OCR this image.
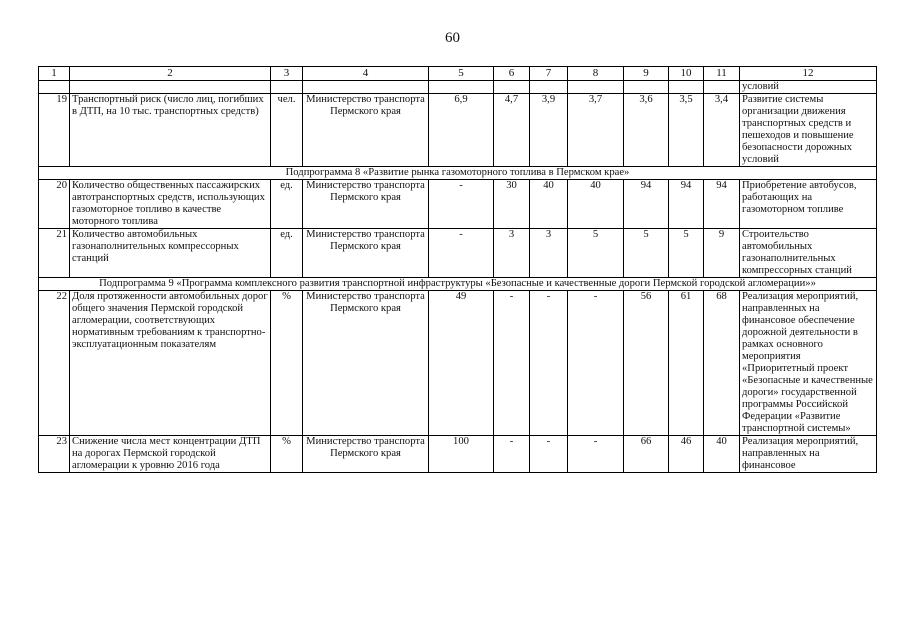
60
1	2	3	4	5	6	7	8	9	10	11	12
											условий
19	Транспортный риск (число лиц, погибших в ДТП, на 10 тыс. транспортных средств)	чел.	Министерство транспорта Пермского края	6,9	4,7	3,9	3,7	3,6	3,5	3,4	Развитие системы организации движения транспортных средств и пешеходов и повышение безопасности дорожных условий
Подпрограмма 8 «Развитие рынка газомоторного топлива в Пермском крае»											
20	Количество общественных пассажирских автотранспортных средств, использующих газомоторное топливо в качестве моторного топлива	ед.	Министерство транспорта Пермского края	-	30	40	40	94	94	94	Приобретение автобусов, работающих на газомоторном топливе
21	Количество автомобильных газонаполнительных компрессорных станций	ед.	Министерство транспорта Пермского края	-	3	3	5	5	5	9	Строительство автомобильных газонаполнительных компрессорных станций
Подпрограмма 9 «Программа комплексного развития транспортной инфраструктуры «Безопасные и качественные дороги Пермской городской агломерации»»											
22	Доля протяженности автомобильных дорог общего значения Пермской городской агломерации, соответствующих нормативным требованиям к транспортно-эксплуатационным показателям	%	Министерство транспорта Пермского края	49	-	-	-	56	61	68	Реализация мероприятий, направленных на финансовое обеспечение дорожной деятельности в рамках основного мероприятия «Приоритетный проект «Безопасные и качественные дороги» государственной программы Российской Федерации «Развитие транспортной системы»
23	Снижение числа мест концентрации ДТП на дорогах Пермской городской агломерации к уровню 2016 года	%	Министерство транспорта Пермского края	100	-	-	-	66	46	40	Реализация мероприятий, направленных на финансовое
